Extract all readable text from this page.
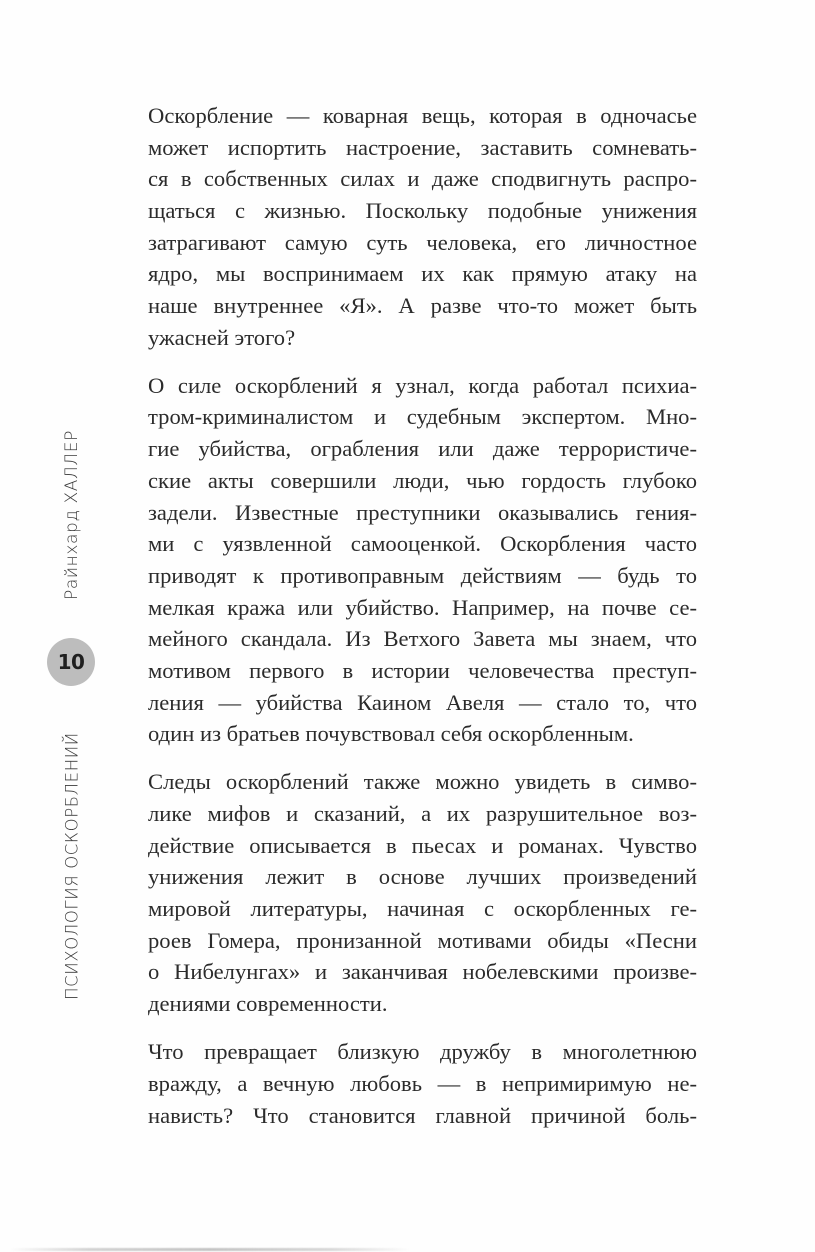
Райнхард ХАЛЛЕР
10
ПСИХОЛОГИЯ ОСКОРБЛЕНИЙ
Оскорбление — коварная вещь, которая в одночасье
может испортить настроение, заставить сомневать-
ся в собственных силах и даже сподвигнуть распро-
щаться с жизнью. Поскольку подобные унижения
затрагивают самую суть человека, его личностное
ядро, мы воспринимаем их как прямую атаку на
наше внутреннее «Я». А разве что-то может быть
ужасней этого?
О силе оскорблений я узнал, когда работал психиа-
тром-криминалистом и судебным экспертом. Мно-
гие убийства, ограбления или даже террористиче-
ские акты совершили люди, чью гордость глубоко
задели. Известные преступники оказывались гения-
ми с уязвленной самооценкой. Оскорбления часто
приводят к противоправным действиям — будь то
мелкая кража или убийство. Например, на почве се-
мейного скандала. Из Ветхого Завета мы знаем, что
мотивом первого в истории человечества преступ-
ления — убийства Каином Авеля — стало то, что
один из братьев почувствовал себя оскорбленным.
Следы оскорблений также можно увидеть в симво-
лике мифов и сказаний, а их разрушительное воз-
действие описывается в пьесах и романах. Чувство
унижения лежит в основе лучших произведений
мировой литературы, начиная с оскорбленных ге-
роев Гомера, пронизанной мотивами обиды «Песни
о Нибелунгах» и заканчивая нобелевскими произве-
дениями современности.
Что превращает близкую дружбу в многолетнюю
вражду, а вечную любовь — в непримиримую не-
нависть? Что становится главной причиной боль-
